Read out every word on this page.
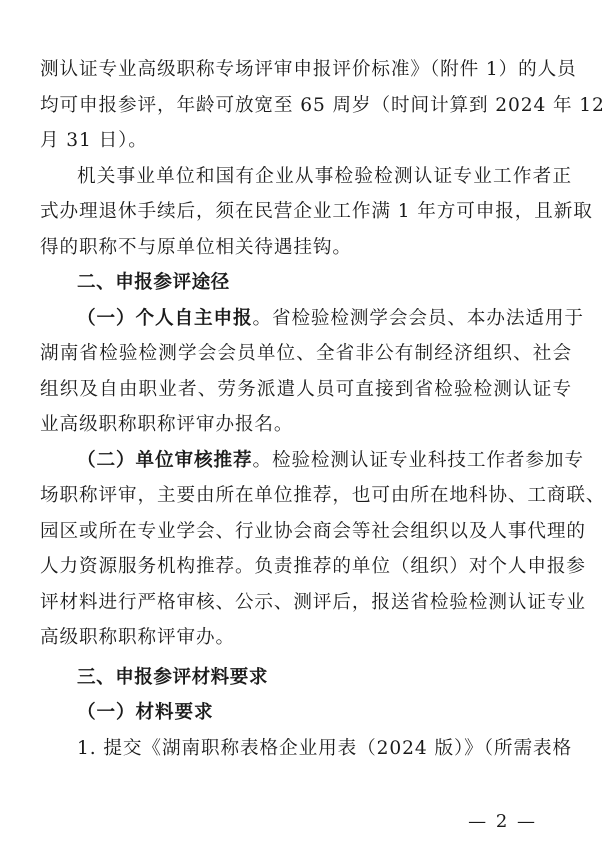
测认证专业高级职称专场评审申报评价标准》（附件 1）的人员
均可申报参评，年龄可放宽至 65 周岁（时间计算到 2024 年 12
月 31 日）。
机关事业单位和国有企业从事检验检测认证专业工作者正
式办理退休手续后，须在民营企业工作满 1 年方可申报，且新取
得的职称不与原单位相关待遇挂钩。
二、申报参评途径
（一）个人自主申报。省检验检测学会会员、本办法适用于
湖南省检验检测学会会员单位、全省非公有制经济组织、社会
组织及自由职业者、劳务派遣人员可直接到省检验检测认证专
业高级职称职称评审办报名。
（二）单位审核推荐。检验检测认证专业科技工作者参加专
场职称评审，主要由所在单位推荐，也可由所在地科协、工商联、
园区或所在专业学会、行业协会商会等社会组织以及人事代理的
人力资源服务机构推荐。负责推荐的单位（组织）对个人申报参
评材料进行严格审核、公示、测评后，报送省检验检测认证专业
高级职称职称评审办。
三、申报参评材料要求
（一）材料要求
1. 提交《湖南职称表格企业用表（2024 版）》（所需表格
— 2 —
